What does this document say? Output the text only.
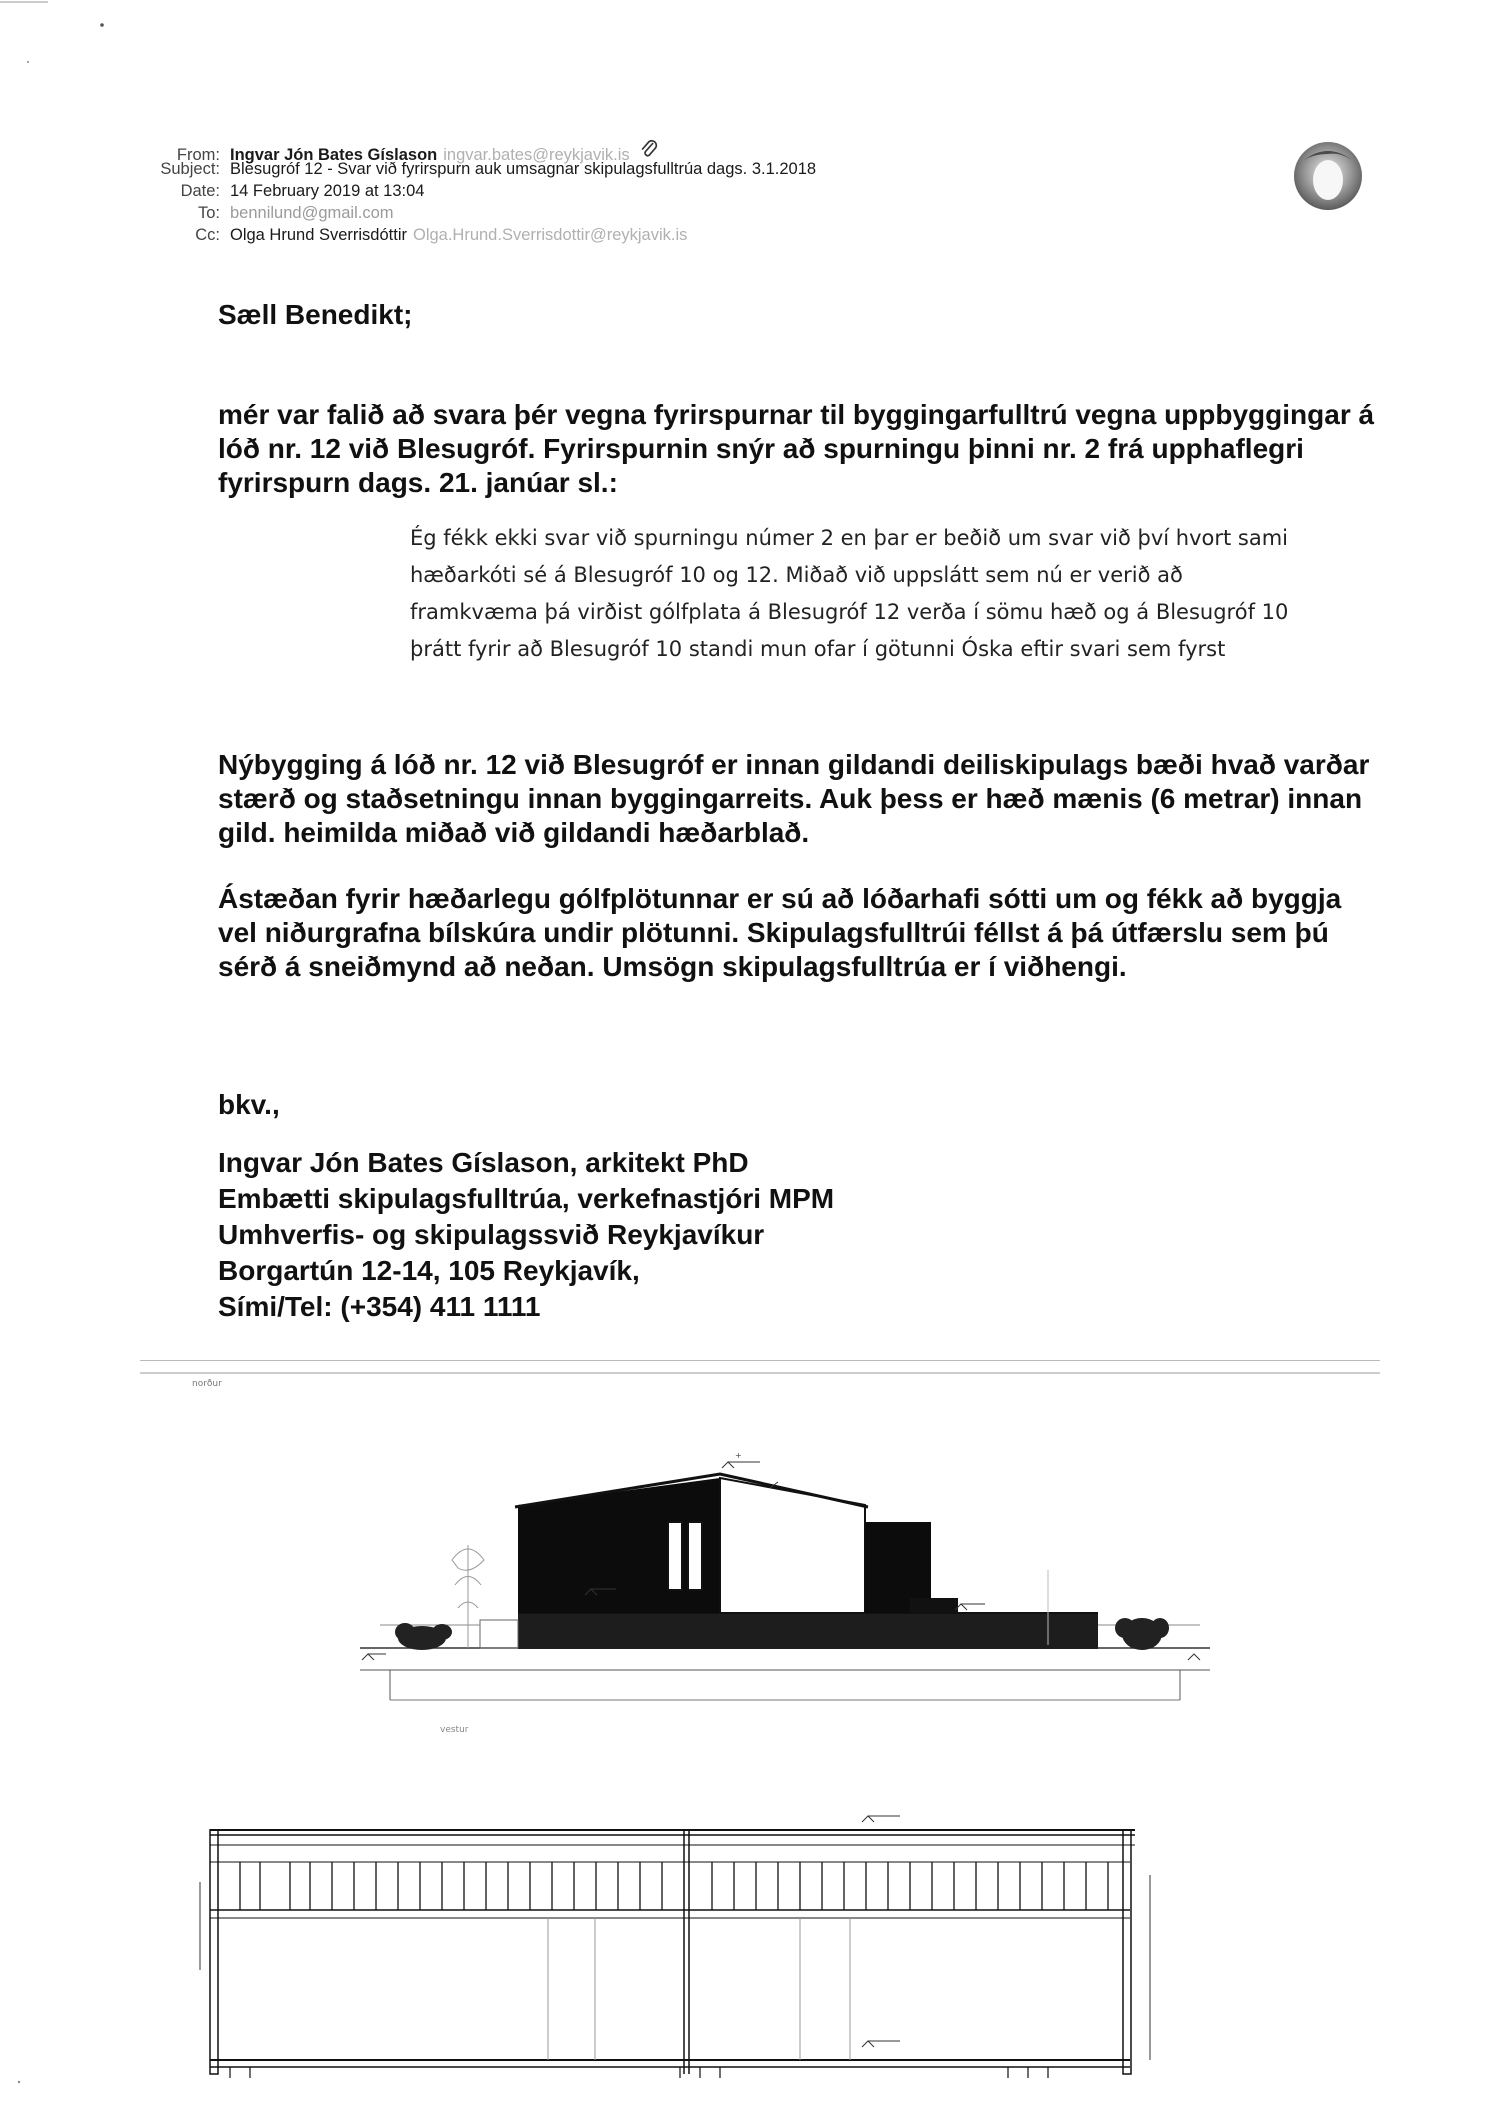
From: Ingvar Jón Bates Gíslason ingvar.bates@reykjavik.is
Subject: Blesugróf 12 - Svar við fyrirspurn auk umsagnar skipulagsfulltrúa dags. 3.1.2018
Date: 14 February 2019 at 13:04
To: bennilund@gmail.com
Cc: Olga Hrund Sverrisdóttir Olga.Hrund.Sverrisdottir@reykjavik.is
Sæll Benedikt;
mér var falið að svara þér vegna fyrirspurnar til byggingarfulltrú vegna uppbyggingar á lóð nr. 12 við Blesugróf. Fyrirspurnin snýr að spurningu þinni nr. 2 frá upphaflegri fyrirspurn dags. 21. janúar sl.:
Ég fékk ekki svar við spurningu númer 2 en þar er beðið um svar við því hvort sami hæðarkóti sé á Blesugróf 10 og 12. Miðað við uppslátt sem nú er verið að framkvæma þá virðist gólfplata á Blesugróf 12 verða í sömu hæð og á Blesugróf 10 þrátt fyrir að Blesugróf 10 standi mun ofar í götunni Óska eftir svari sem fyrst
Nýbygging á lóð nr. 12 við Blesugróf er innan gildandi deiliskipulags bæði hvað varðar stærð og staðsetningu innan byggingarreits. Auk þess er hæð mænis (6 metrar) innan gild. heimilda miðað við gildandi hæðarblað.
Ástæðan fyrir hæðarlegu gólfplötunnar er sú að lóðarhafi sótti um og fékk að byggja vel niðurgrafna bílskúra undir plötunni. Skipulagsfulltrúi féllst á þá útfærslu sem þú sérð á sneiðmynd að neðan. Umsögn skipulagsfulltrúa er í viðhengi.
bkv.,
Ingvar Jón Bates Gíslason, arkitekt PhD
Embætti skipulagsfulltrúa, verkefnastjóri MPM
Umhverfis- og skipulagssvið Reykjavíkur
Borgartún 12-14, 105 Reykjavík,
Sími/Tel: (+354) 411 1111
norður
+
vestur
